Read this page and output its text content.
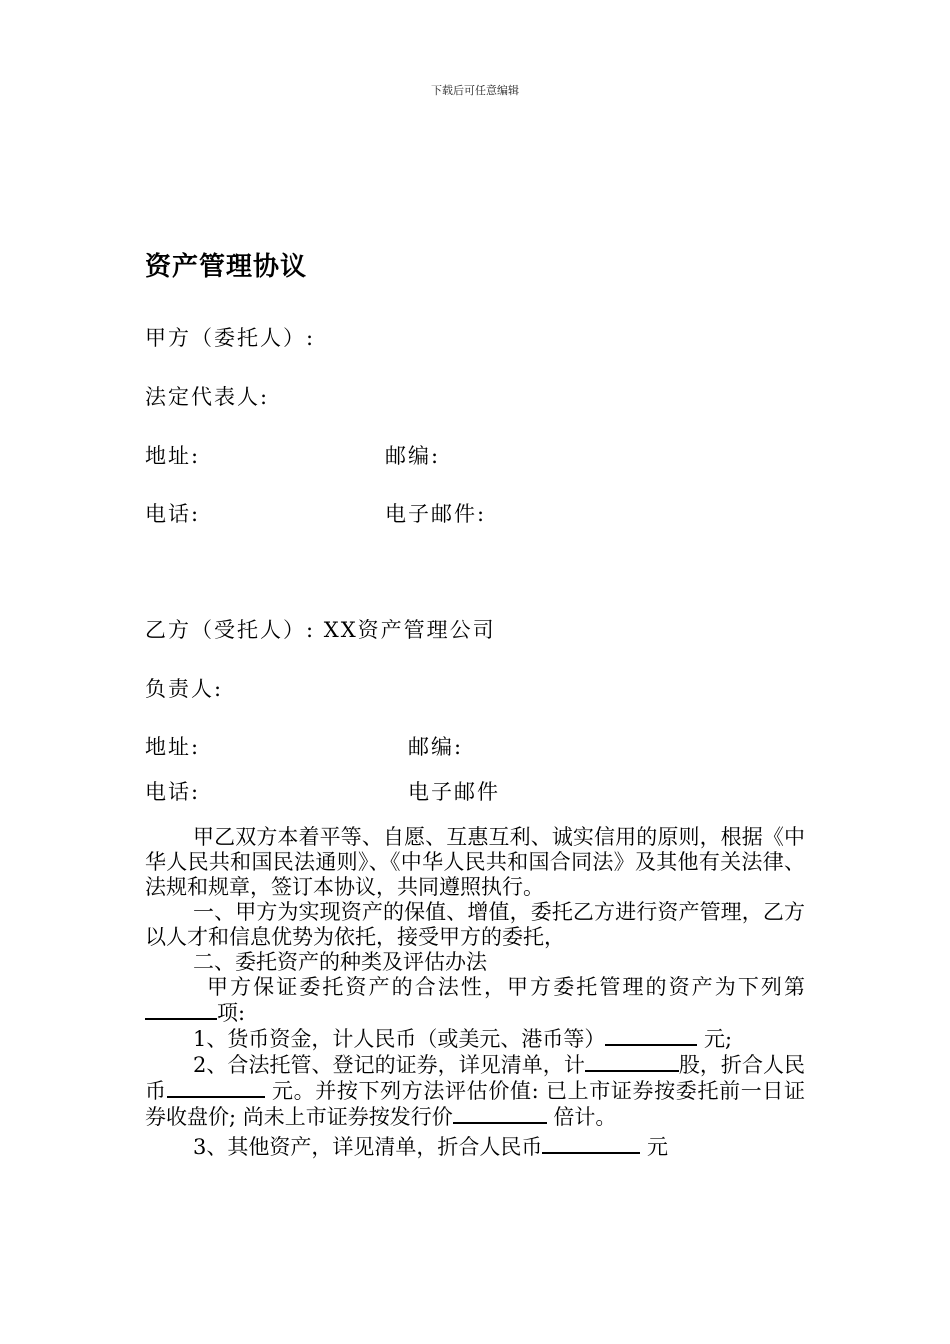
下载后可任意编辑
资产管理协议
甲方（委托人）:
法定代表人:
地址:	邮编:
电话:	电子邮件:
乙方（受托人）: XX资产管理公司
负责人:
地址:	邮编:
电话:	电子邮件

甲乙双方本着平等、自愿、互惠互利、诚实信用的原则，根据《中华人民共和国民法通则》、《中华人民共和国合同法》及其他有关法律、法规和规章，签订本协议，共同遵照执行。

一、甲方为实现资产的保值、增值，委托乙方进行资产管理，乙方以人才和信息优势为依托，接受甲方的委托，

二、委托资产的种类及评估办法

甲方保证委托资产的合法性，甲方委托管理的资产为下列第项:

1、货币资金，计人民币（或美元、港币等）	元;

2、合法托管、登记的证券，详见清单，计	股，折合人民币	元。并按下列方法评估价值: 已上市证券按委托前一日证券收盘价; 尚未上市证券按发行价	倍计。

3、其他资产，详见清单，折合人民币	元
